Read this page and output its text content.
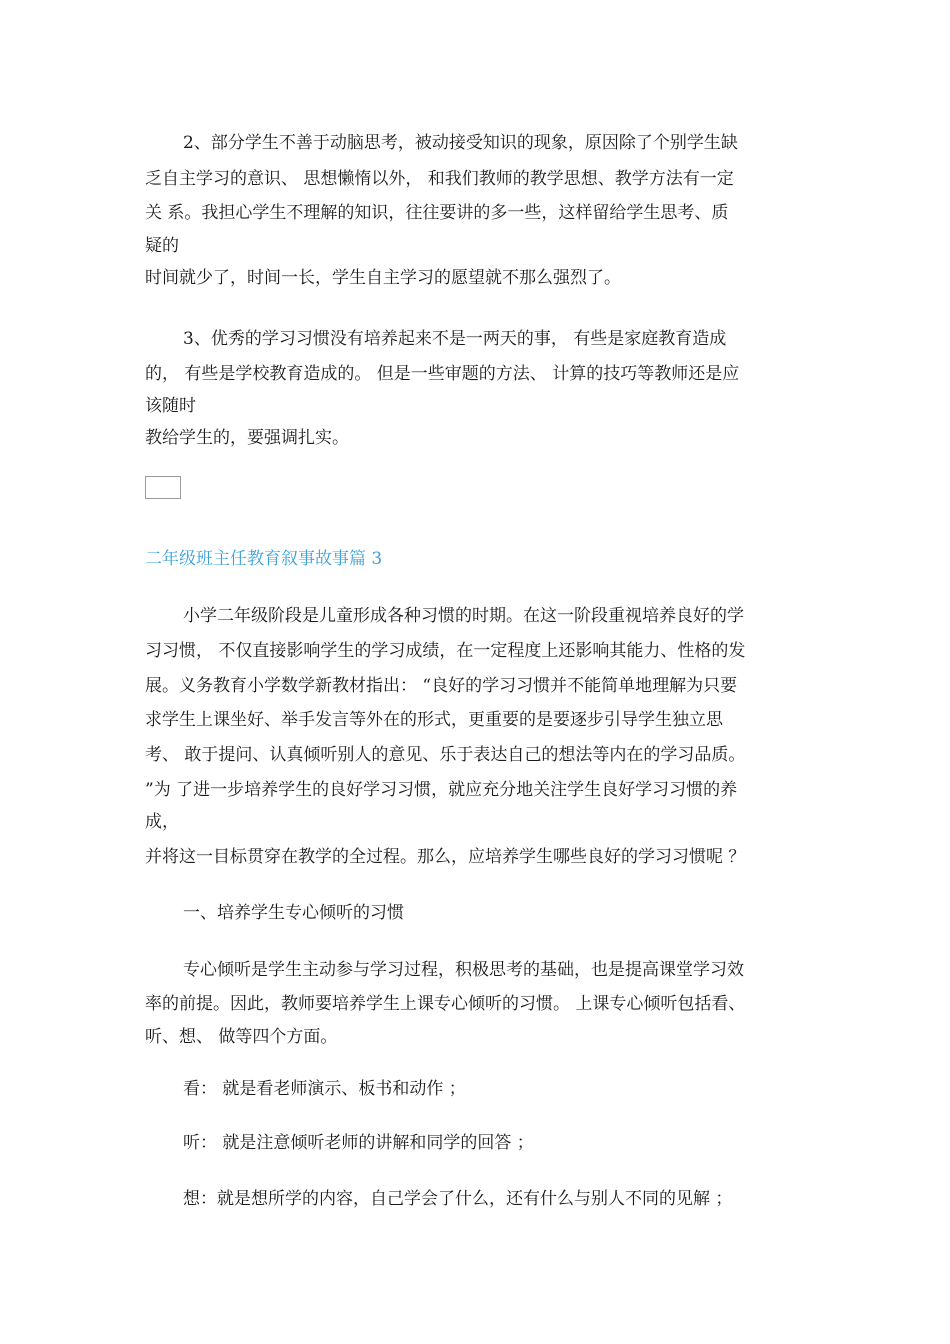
2、部分学生不善于动脑思考，被动接受知识的现象，原因除了个别学生缺
乏自主学习的意识、 思想懒惰以外， 和我们教师的教学思想、教学方法有一定
关 系。我担心学生不理解的知识，往往要讲的多一些，这样留给学生思考、质
疑的
时间就少了，时间一长，学生自主学习的愿望就不那么强烈了。
3、优秀的学习习惯没有培养起来不是一两天的事， 有些是家庭教育造成
的， 有些是学校教育造成的。 但是一些审题的方法、 计算的技巧等教师还是应
该随时
教给学生的，要强调扎实。
二年级班主任教育叙事故事篇 3
小学二年级阶段是儿童形成各种习惯的时期。在这一阶段重视培养良好的学
习习惯， 不仅直接影响学生的学习成绩，在一定程度上还影响其能力、性格的发
展。义务教育小学数学新教材指出： “良好的学习习惯并不能简单地理解为只要
求学生上课坐好、举手发言等外在的形式，更重要的是要逐步引导学生独立思
考、 敢于提问、认真倾听别人的意见、乐于表达自己的想法等内在的学习品质。
”为 了进一步培养学生的良好学习习惯，就应充分地关注学生良好学习习惯的养
成，
并将这一目标贯穿在教学的全过程。那么，应培养学生哪些良好的学习习惯呢 ？
一、培养学生专心倾听的习惯
专心倾听是学生主动参与学习过程，积极思考的基础，也是提高课堂学习效
率的前提。因此，教师要培养学生上课专心倾听的习惯。 上课专心倾听包括看、
听、想、 做等四个方面。
看： 就是看老师演示、板书和动作 ；
听： 就是注意倾听老师的讲解和同学的回答 ；
想：就是想所学的内容，自己学会了什么，还有什么与别人不同的见解 ；
